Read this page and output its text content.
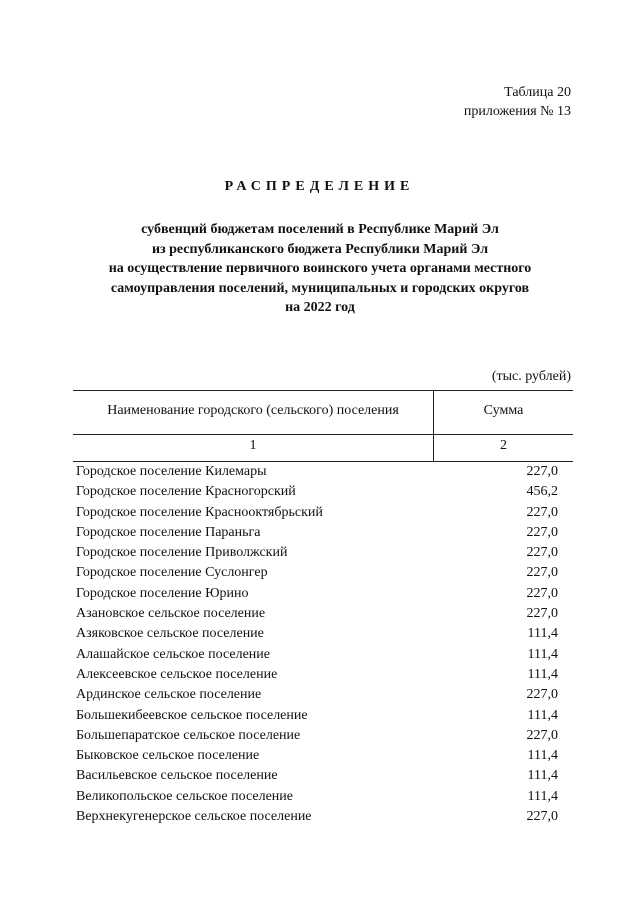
Таблица 20
приложения № 13
РАСПРЕДЕЛЕНИЕ
субвенций бюджетам поселений в Республике Марий Эл
из республиканского бюджета Республики Марий Эл
на осуществление первичного воинского учета органами местного
самоуправления поселений, муниципальных и городских округов
на 2022 год
(тыс. рублей)
Наименование городского (сельского) поселения	Сумма
1	2
Городское поселение Килемары	227,0
Городское поселение Красногорский	456,2
Городское поселение Краснооктябрьский	227,0
Городское поселение Параньга	227,0
Городское поселение Приволжский	227,0
Городское поселение Суслонгер	227,0
Городское поселение Юрино	227,0
Азановское сельское поселение	227,0
Азяковское сельское поселение	111,4
Алашайское сельское поселение	111,4
Алексеевское сельское поселение	111,4
Ардинское сельское поселение	227,0
Большекибеевское сельское поселение	111,4
Большепаратское сельское поселение	227,0
Быковское сельское поселение	111,4
Васильевское сельское поселение	111,4
Великопольское сельское поселение	111,4
Верхнекугенерское сельское поселение	227,0
